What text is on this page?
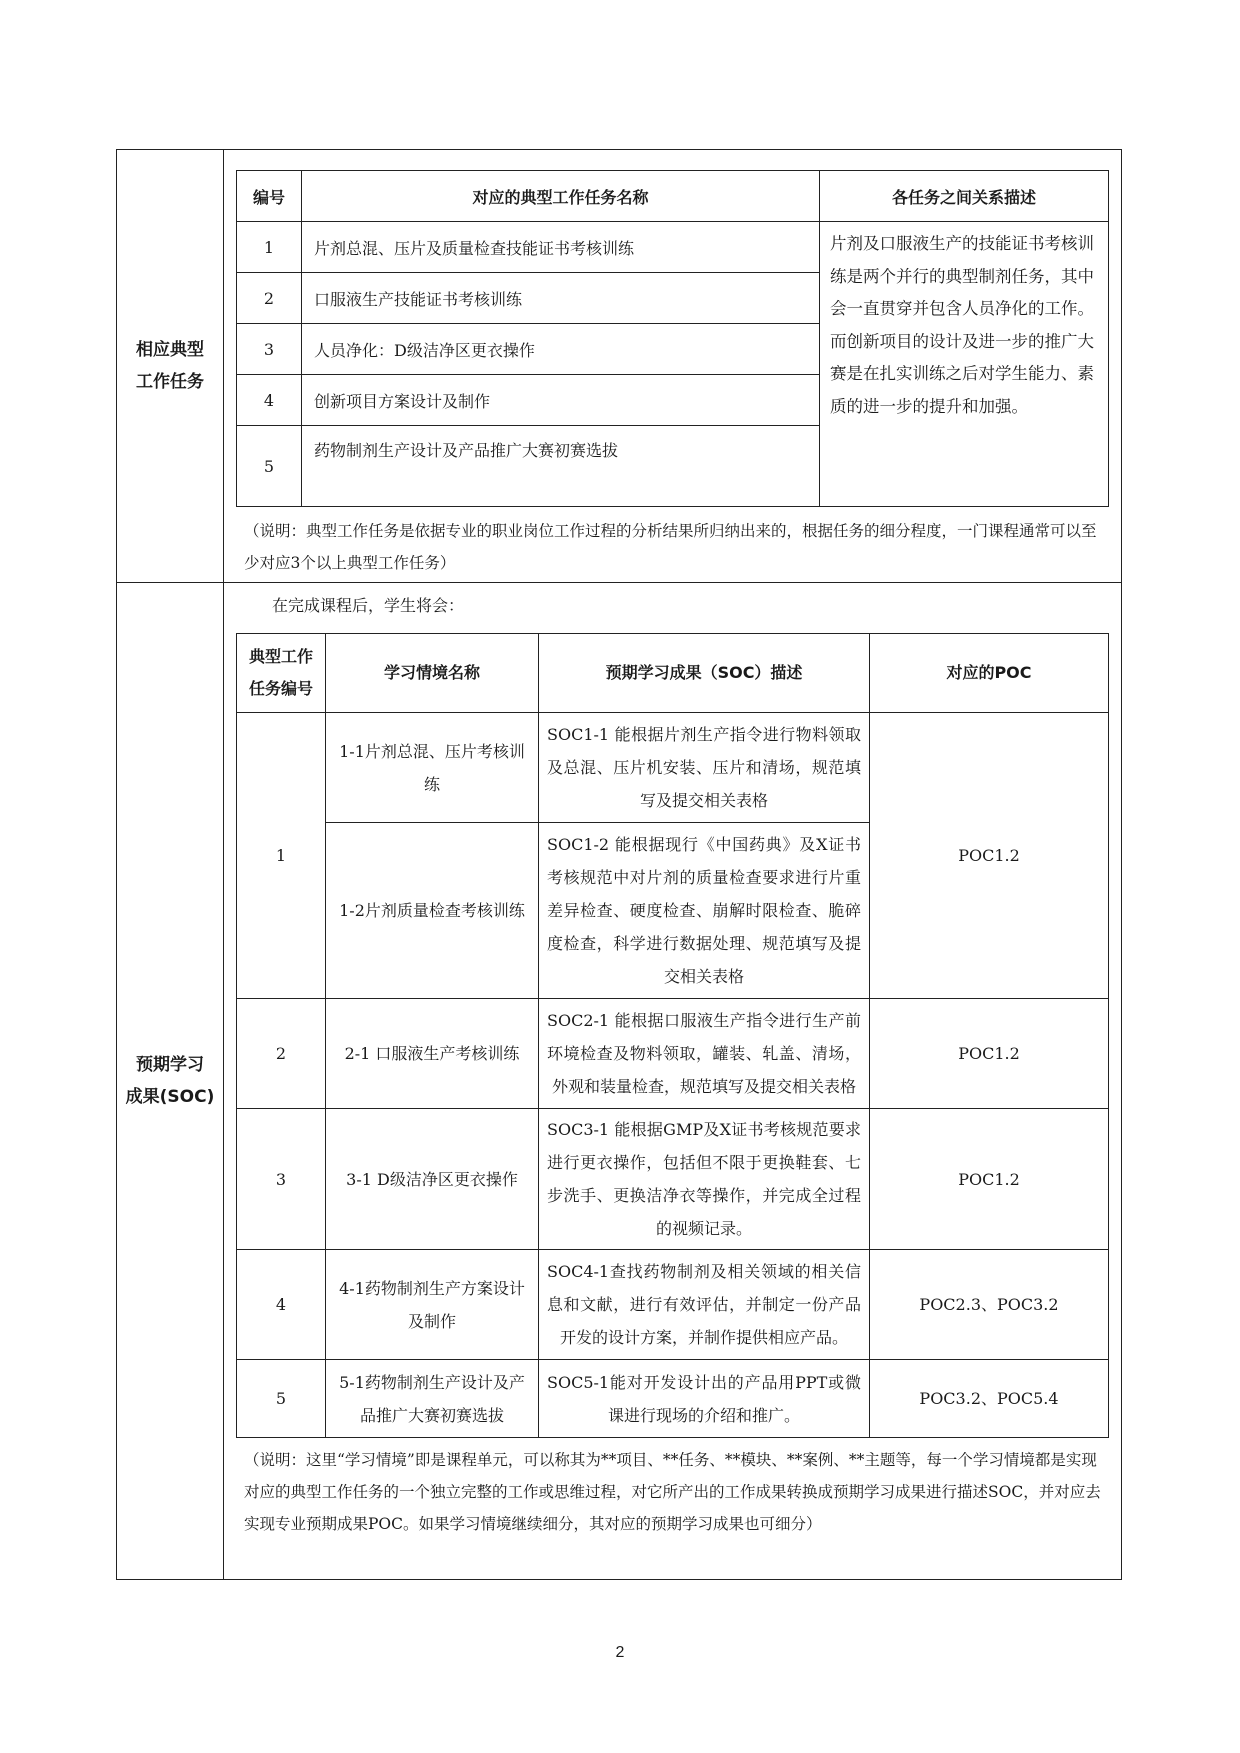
相应典型
工作任务

编号	对应的典型工作任务名称	各任务之间关系描述
1	片剂总混、压片及质量检查技能证书考核训练	片剂及口服液生产的技能证书考核训练是两个并行的典型制剂任务，其中会一直贯穿并包含人员净化的工作。而创新项目的设计及进一步的推广大赛是在扎实训练之后对学生能力、素质的进一步的提升和加强。
2	口服液生产技能证书考核训练
3	人员净化：D级洁净区更衣操作
4	创新项目方案设计及制作
5	药物制剂生产设计及产品推广大赛初赛选拔
（说明：典型工作任务是依据专业的职业岗位工作过程的分析结果所归纳出来的，根据任务的细分程度，一门课程通常可以至少对应3个以上典型工作任务）

预期学习
成果(SOC)

在完成课程后，学生将会：
典型工作
任务编号
	学习情境名称	预期学习成果（SOC）描述	对应的POC
1	1-1片剂总混、压片考核训练	SOC1-1 能根据片剂生产指令进行物料领取及总混、压片机安装、压片和清场，规范填写及提交相关表格	POC1.2
1-2片剂质量检查考核训练	SOC1-2 能根据现行《中国药典》及X证书考核规范中对片剂的质量检查要求进行片重差异检查、硬度检查、崩解时限检查、脆碎度检查，科学进行数据处理、规范填写及提交相关表格
2	2-1 口服液生产考核训练	SOC2-1 能根据口服液生产指令进行生产前环境检查及物料领取，罐装、轧盖、清场，外观和装量检查，规范填写及提交相关表格	POC1.2
3	3-1 D级洁净区更衣操作	SOC3-1 能根据GMP及X证书考核规范要求进行更衣操作，包括但不限于更换鞋套、七步洗手、更换洁净衣等操作，并完成全过程的视频记录。	POC1.2
4	4-1药物制剂生产方案设计及制作	SOC4-1查找药物制剂及相关领域的相关信息和文献，进行有效评估，并制定一份产品开发的设计方案，并制作提供相应产品。	POC2.3、POC3.2
5	5-1药物制剂生产设计及产品推广大赛初赛选拔	SOC5-1能对开发设计出的产品用PPT或微课进行现场的介绍和推广。	POC3.2、POC5.4
（说明：这里“学习情境”即是课程单元，可以称其为**项目、**任务、**模块、**案例、**主题等，每一个学习情境都是实现对应的典型工作任务的一个独立完整的工作或思维过程，对它所产出的工作成果转换成预期学习成果进行描述SOC，并对应去实现专业预期成果POC。如果学习情境继续细分，其对应的预期学习成果也可细分）
2
